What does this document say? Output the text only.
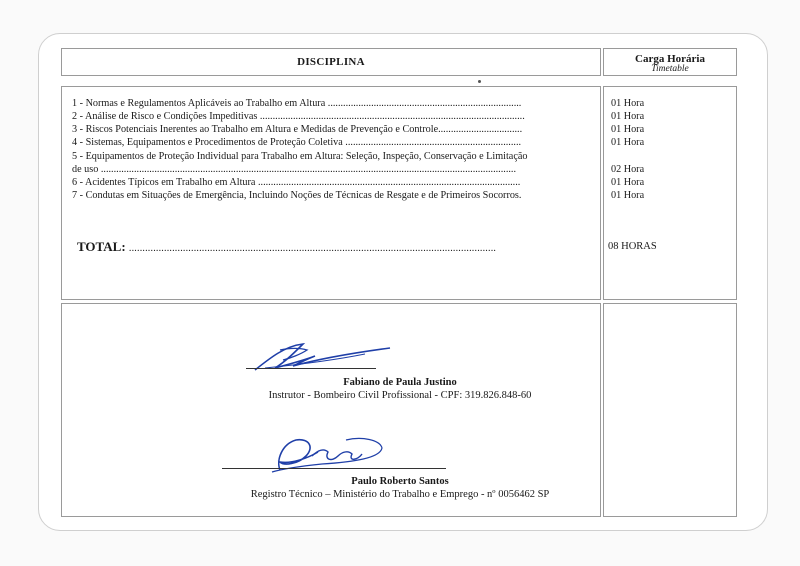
DISCIPLINA	Carga Horária
Timetable
1 - Normas e Regulamentos Aplicáveis ao Trabalho em Altura ............................................................................
2 - Análise de Risco e Condições Impeditivas ........................................................................................................
3 - Riscos Potenciais Inerentes ao Trabalho em Altura e Medidas de Prevenção e Controle.................................
4 - Sistemas, Equipamentos e Procedimentos de Proteção Coletiva .....................................................................
5 - Equipamentos de Proteção Individual para Trabalho em Altura: Seleção, Inspeção, Conservação e Limitação
de uso ...................................................................................................................................................................
6 - Acidentes Típicos em Trabalho em Altura .......................................................................................................
7 - Condutas em Situações de Emergência, Incluindo Noções de Técnicas de Resgate e de Primeiros Socorros.
01 Hora
01 Hora
01 Hora
01 Hora
02 Hora
01 Hora
01 Hora
TOTAL: ........................................................................................................................................	08 HORAS
Fabiano de Paula Justino
Instrutor - Bombeiro Civil Profissional - CPF: 319.826.848-60
Paulo Roberto Santos
Registro Técnico – Ministério do Trabalho e Emprego - nº 0056462 SP
